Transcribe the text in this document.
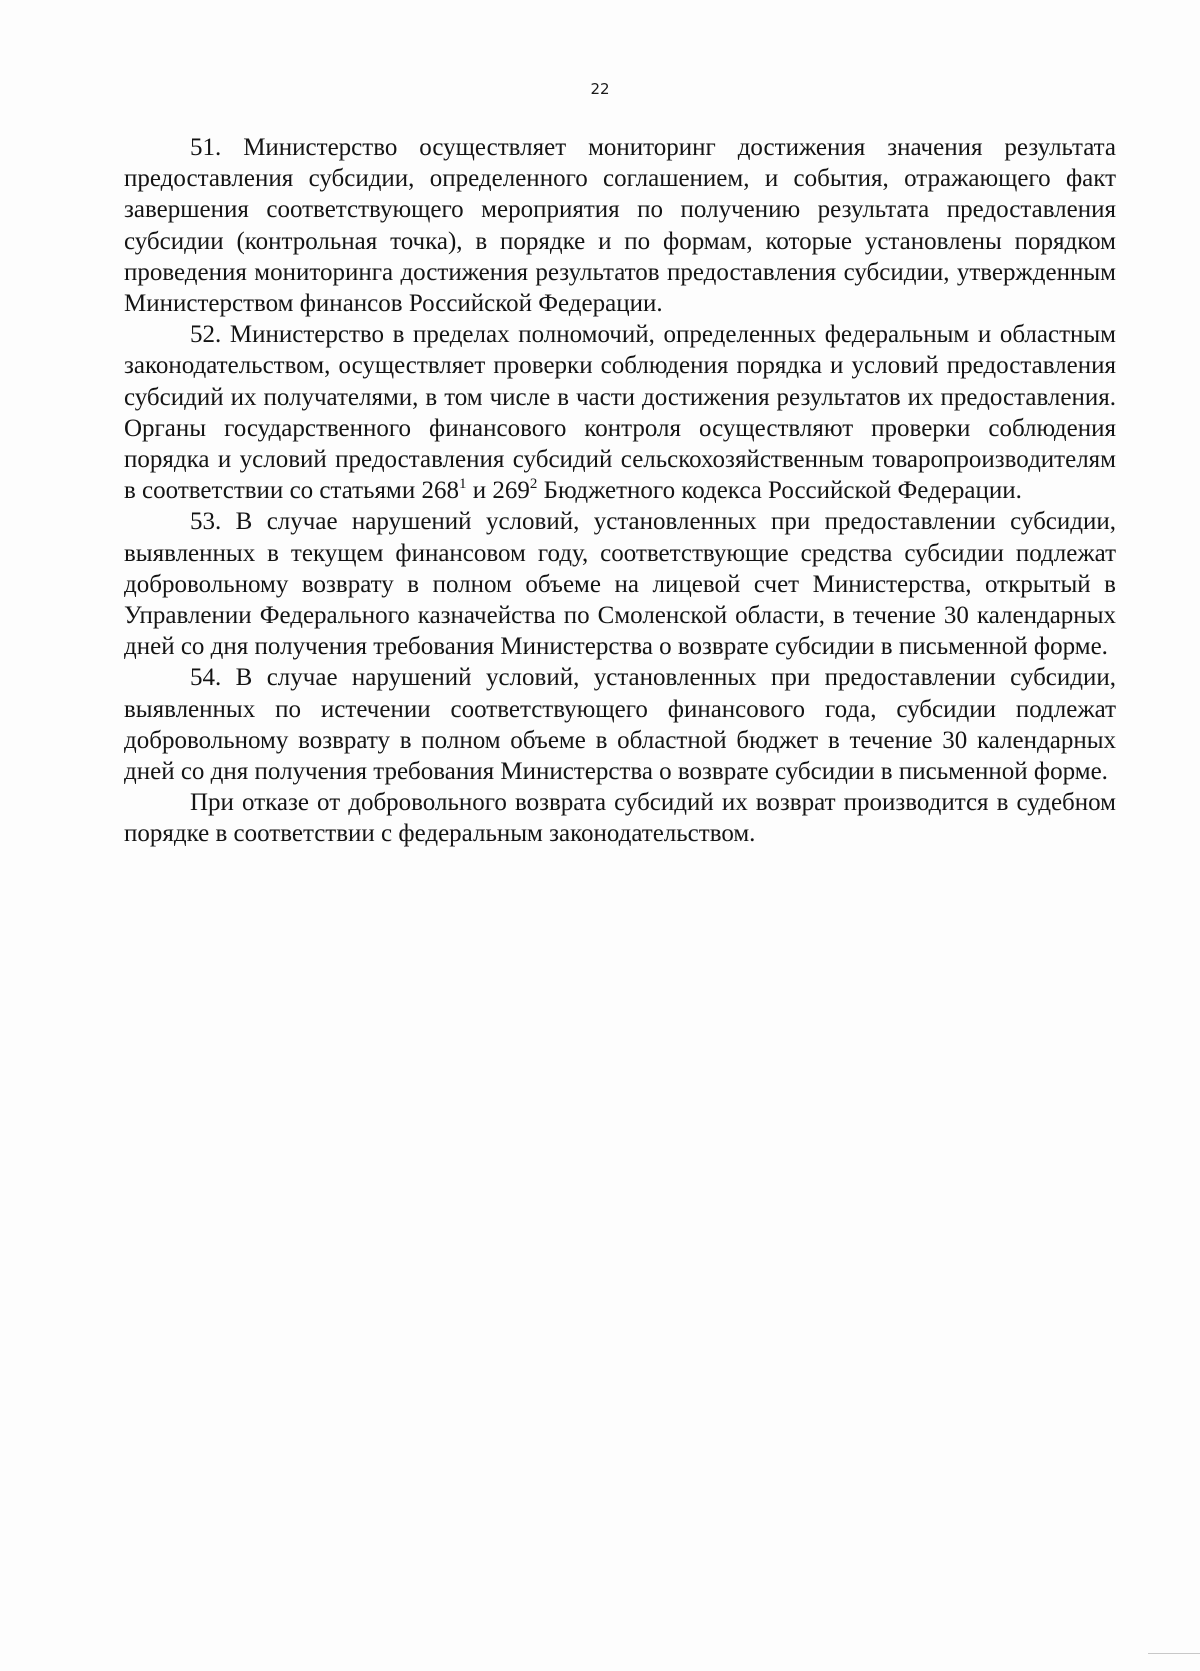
22

51. Министерство осуществляет мониторинг достижения значения результата предоставления субсидии, определенного соглашением, и события, отражающего факт завершения соответствующего мероприятия по получению результата предоставления субсидии (контрольная точка), в порядке и по формам, которые установлены порядком проведения мониторинга достижения результатов предоставления субсидии, утвержденным Министерством финансов Российской Федерации.

52. Министерство в пределах полномочий, определенных федеральным и областным законодательством, осуществляет проверки соблюдения порядка и условий предоставления субсидий их получателями, в том числе в части достижения результатов их предоставления. Органы государственного финансового контроля осуществляют проверки соблюдения порядка и условий предоставления субсидий сельскохозяйственным товаропроизводителям в соответствии со статьями $268^1$ и $269^2$ Бюджетного кодекса Российской Федерации.

53. В случае нарушений условий, установленных при предоставлении субсидии, выявленных в текущем финансовом году, соответствующие средства субсидии подлежат добровольному возврату в полном объеме на лицевой счет Министерства, открытый в Управлении Федерального казначейства по Смоленской области, в течение 30 календарных дней со дня получения требования Министерства о возврате субсидии в письменной форме.

54. В случае нарушений условий, установленных при предоставлении субсидии, выявленных по истечении соответствующего финансового года, субсидии подлежат добровольному возврату в полном объеме в областной бюджет в течение 30 календарных дней со дня получения требования Министерства о возврате субсидии в письменной форме.

При отказе от добровольного возврата субсидий их возврат производится в судебном порядке в соответствии с федеральным законодательством.
